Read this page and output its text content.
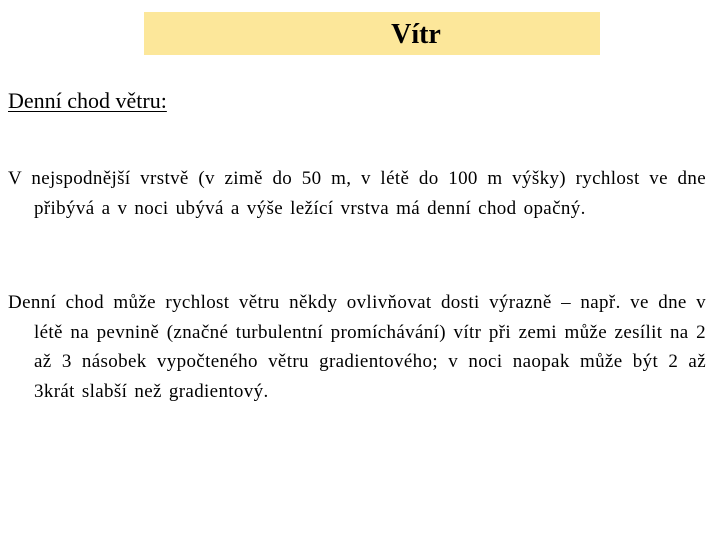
Vítr
Denní chod větru:

V nejspodnější vrstvě (v zimě do 50 m, v létě do 100 m výšky) rychlost ve dne přibývá a v noci ubývá a výše ležící vrstva má denní chod opačný.

Denní chod může rychlost větru někdy ovlivňovat dosti výrazně – např. ve dne v létě na pevnině (značné turbulentní promíchávání) vítr při zemi může zesílit na 2 až 3 násobek vypočteného větru gradientového; v noci naopak může být 2 až 3krát slabší než gradientový.
